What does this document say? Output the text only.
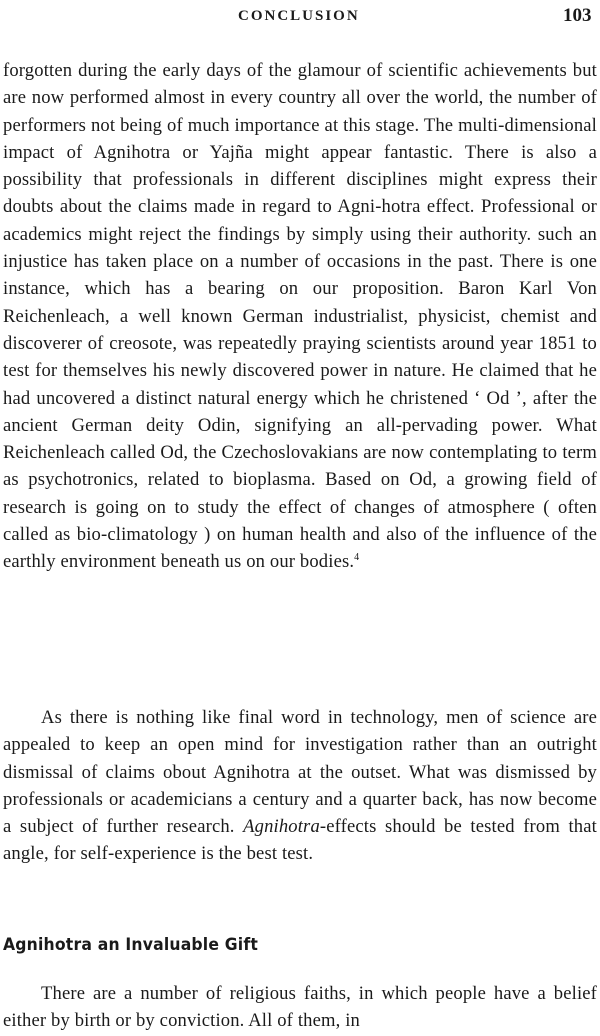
CONCLUSION	103

forgotten during the early days of the glamour of scientific achievements but are now performed almost in every country all over the world, the number of performers not being of much importance at this stage. The multi-dimensional impact of Agnihotra or Yajña might appear fantastic. There is also a possibility that professionals in different disciplines might express their doubts about the claims made in regard to Agni-hotra effect. Professional or academics might reject the findings by simply using their authority. such an injustice has taken place on a number of occasions in the past. There is one instance, which has a bearing on our proposition. Baron Karl Von Reichenleach, a well known German industrialist, physicist, chemist and discoverer of creosote, was repeatedly praying scientists around year 1851 to test for themselves his newly discovered power in nature. He claimed that he had uncovered a distinct natural energy which he christened ‘ Od ’, after the ancient German deity Odin, signifying an all-pervading power. What Reichenleach called Od, the Czechoslovakians are now contemplating to term as psychotronics, related to bioplasma. Based on Od, a growing field of research is going on to study the effect of changes of atmosphere ( often called as bio-climatology ) on human health and also of the influence of the earthly environment beneath us on our bodies.$^4$

As there is nothing like final word in technology, men of science are appealed to keep an open mind for investigation rather than an outright dismissal of claims obout Agnihotra at the outset. What was dismissed by professionals or academicians a century and a quarter back, has now become a subject of further research. Agnihotra-effects should be tested from that angle, for self-experience is the best test.

Agnihotra an Invaluable Gift

There are a number of religious faiths, in which people have a belief either by birth or by conviction. All of them, in
